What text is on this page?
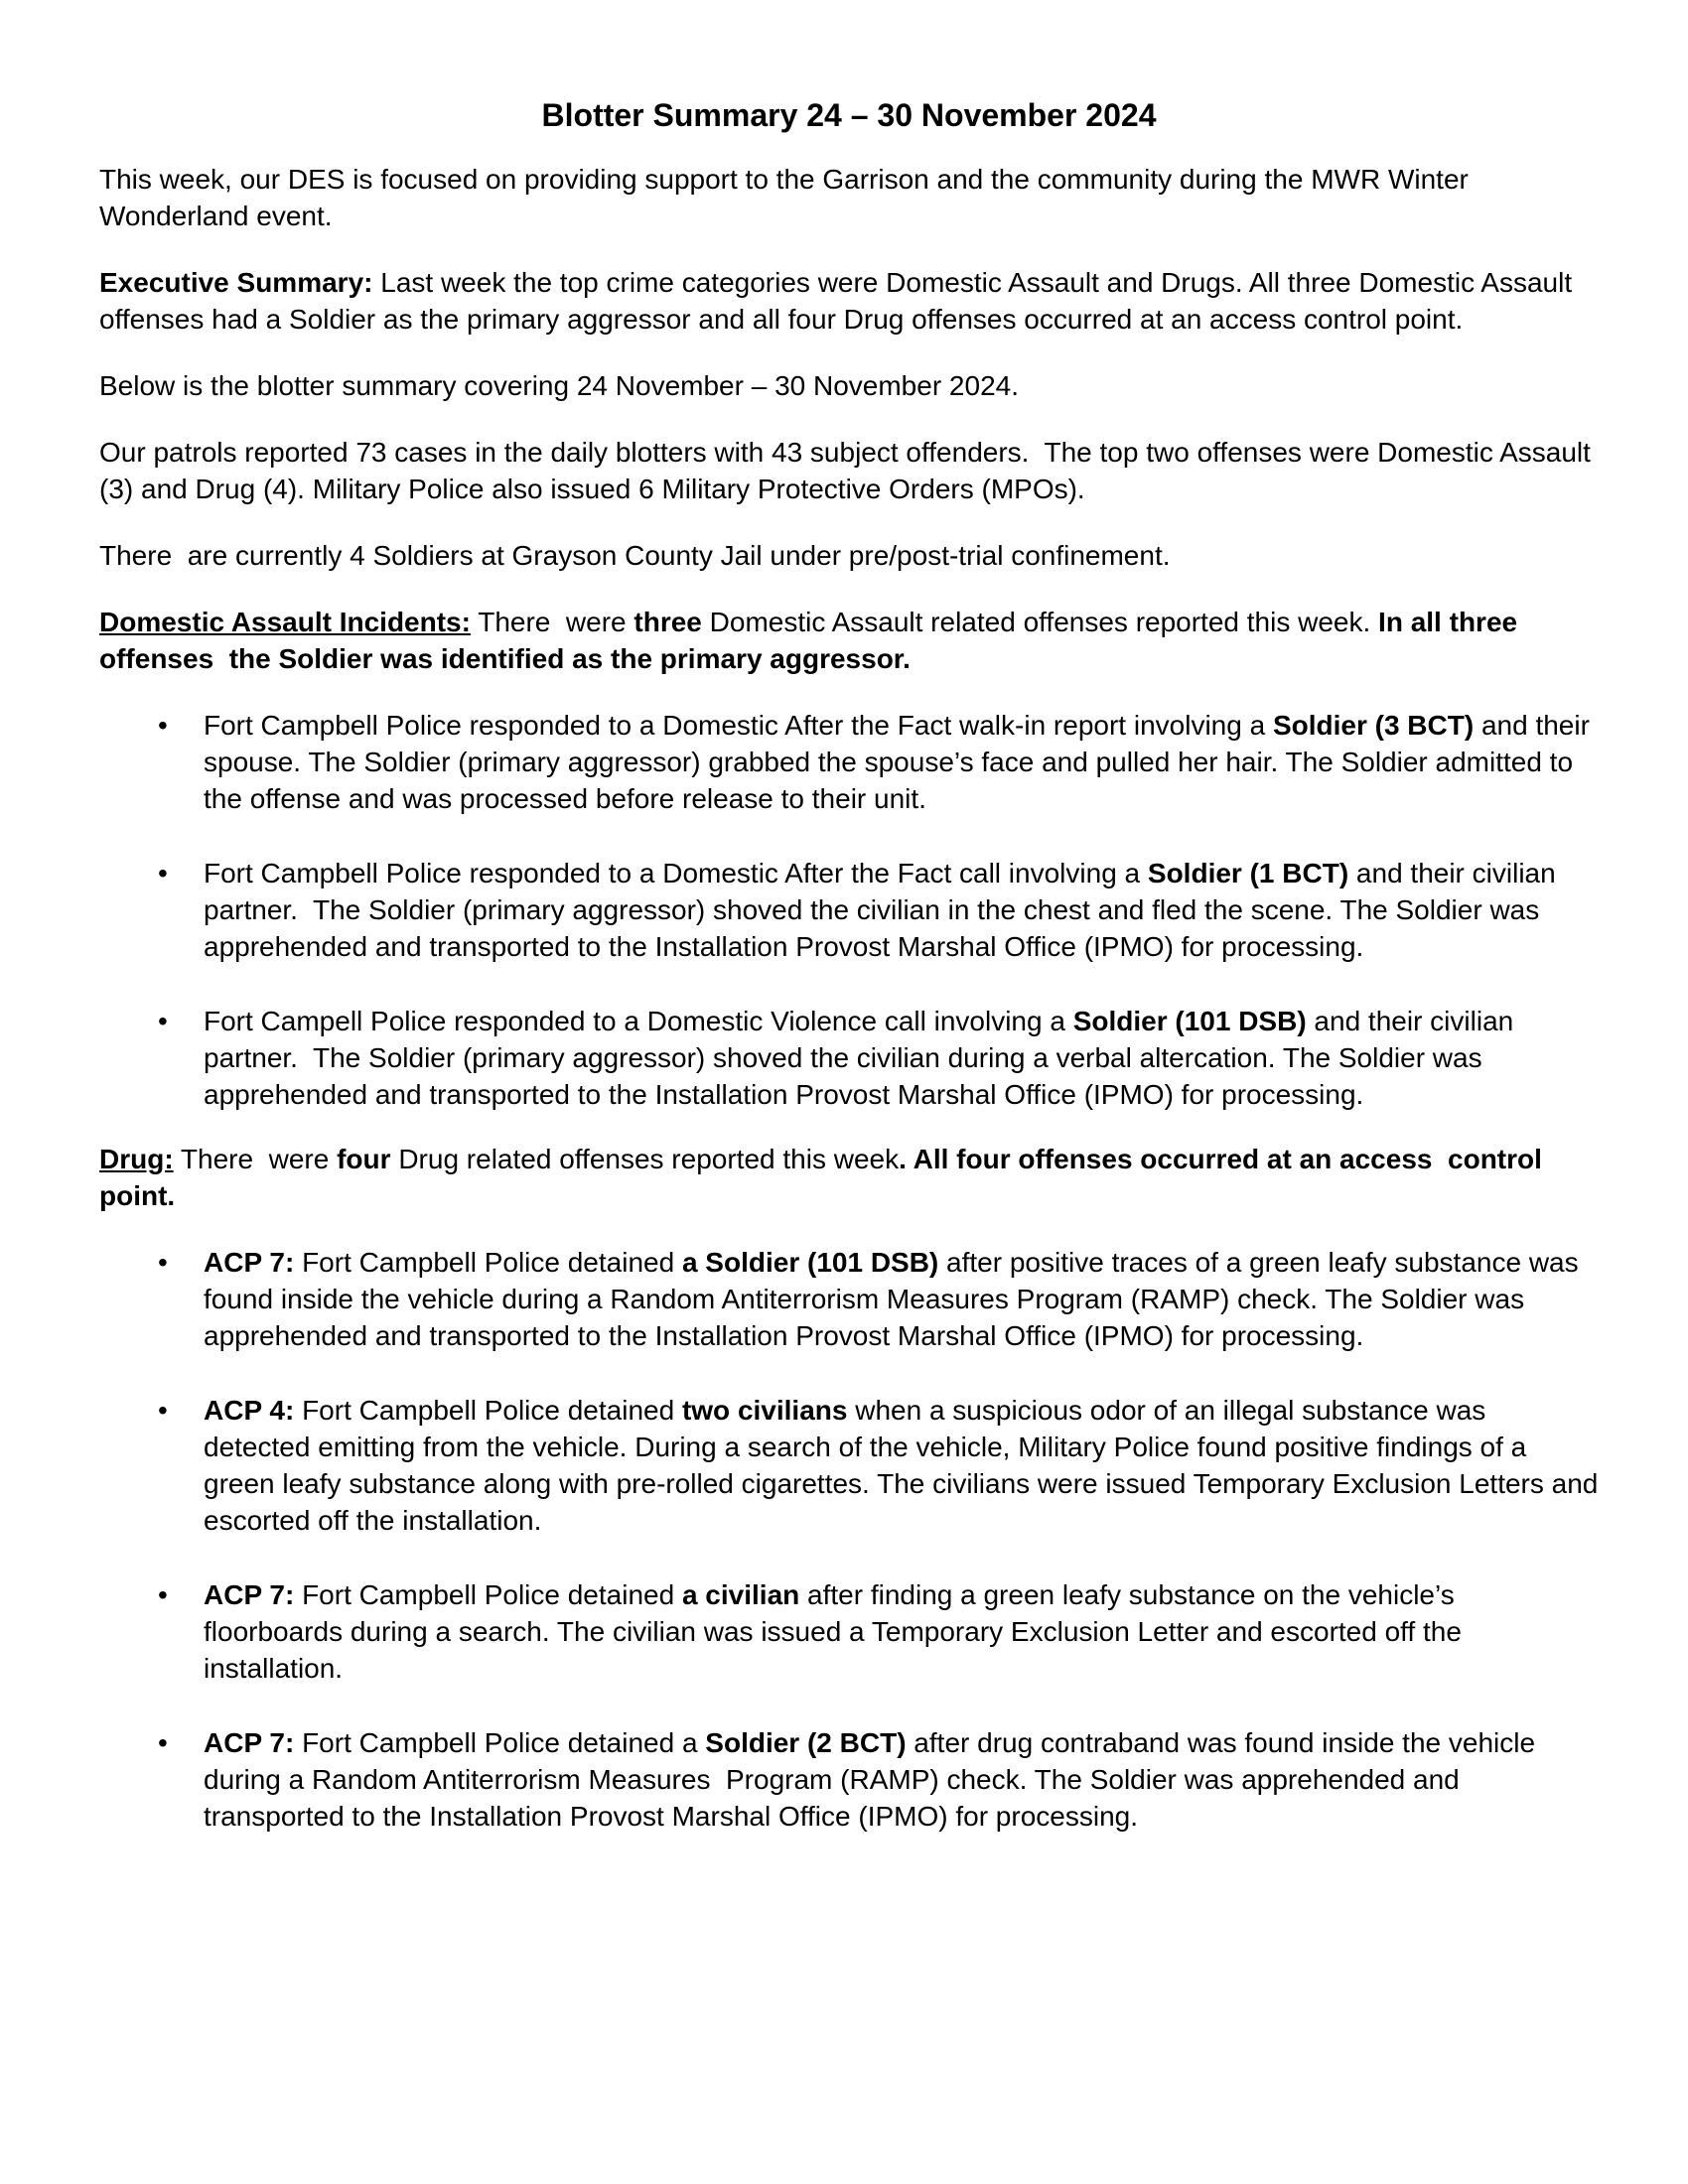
Blotter Summary 24 – 30 November 2024

This week, our DES is focused on providing support to the Garrison and the community during the MWR Winter Wonderland event.

Executive Summary: Last week the top crime categories were Domestic Assault and Drugs. All three Domestic Assault offenses had a Soldier as the primary aggressor and all four Drug offenses occurred at an access control point.

Below is the blotter summary covering 24 November – 30 November 2024.

Our patrols reported 73 cases in the daily blotters with 43 subject offenders.  The top two offenses were Domestic Assault (3) and Drug (4). Military Police also issued 6 Military Protective Orders (MPOs).

There  are currently 4 Soldiers at Grayson County Jail under pre/post-trial confinement.

Domestic Assault Incidents: There  were three Domestic Assault related offenses reported this week. In all three offenses  the Soldier was identified as the primary aggressor.

• Fort Campbell Police responded to a Domestic After the Fact walk-in report involving a Soldier (3 BCT) and their spouse. The Soldier (primary aggressor) grabbed the spouse’s face and pulled her hair. The Soldier admitted to the offense and was processed before release to their unit.
• Fort Campbell Police responded to a Domestic After the Fact call involving a Soldier (1 BCT) and their civilian partner.  The Soldier (primary aggressor) shoved the civilian in the chest and fled the scene. The Soldier was apprehended and transported to the Installation Provost Marshal Office (IPMO) for processing.
• Fort Campell Police responded to a Domestic Violence call involving a Soldier (101 DSB) and their civilian partner.  The Soldier (primary aggressor) shoved the civilian during a verbal altercation. The Soldier was apprehended and transported to the Installation Provost Marshal Office (IPMO) for processing.

Drug: There  were four Drug related offenses reported this week. All four offenses occurred at an access  control point.

• ACP 7: Fort Campbell Police detained a Soldier (101 DSB) after positive traces of a green leafy substance was found inside the vehicle during a Random Antiterrorism Measures Program (RAMP) check. The Soldier was apprehended and transported to the Installation Provost Marshal Office (IPMO) for processing.
• ACP 4: Fort Campbell Police detained two civilians when a suspicious odor of an illegal substance was detected emitting from the vehicle. During a search of the vehicle, Military Police found positive findings of a green leafy substance along with pre-rolled cigarettes. The civilians were issued Temporary Exclusion Letters and escorted off the installation.
• ACP 7: Fort Campbell Police detained a civilian after finding a green leafy substance on the vehicle’s floorboards during a search. The civilian was issued a Temporary Exclusion Letter and escorted off the installation.
• ACP 7: Fort Campbell Police detained a Soldier (2 BCT) after drug contraband was found inside the vehicle during a Random Antiterrorism Measures  Program (RAMP) check. The Soldier was apprehended and transported to the Installation Provost Marshal Office (IPMO) for processing.
